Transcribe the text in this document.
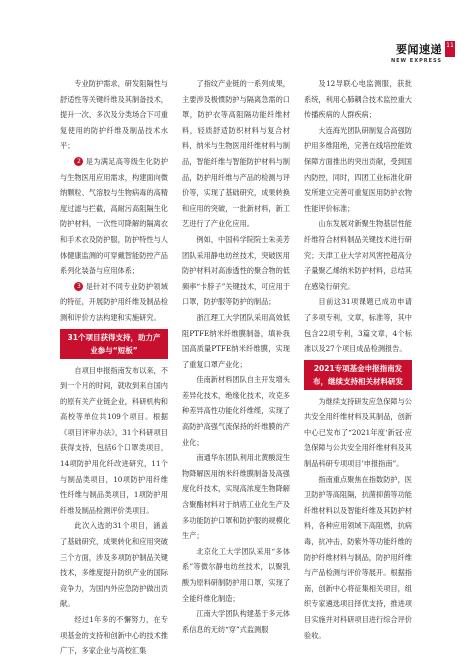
要闻速递 11
NEW EXPRESS

专业防护需求，研发阻隔性与舒适性等关键纤维及其制备技术，提升一次、多次及分类场合下可重复使用的防护纤维及制品技术水平；

2 是为满足高等级生化防护与生物医用应用需求，构建面向微纳颗粒、气溶胶与生物病毒的高精度过滤与拦截，高耐污高阻隔生化防护材料，一次性可降解的隔离衣和手术衣及防护服，防护特性与人体健康监测的可穿戴智能防控产品系列化装备与应用体系；

3 是针对不同专业防护领域的特征，开展防护用纤维及制品检测和评价方法构建和实施研究。

31个项目获得支持，助力产业参与“短板”

自项目申报指南发布以来，不到一个月的时间，就收到来自国内的原有关产业链企业，科研机构和高校等单位共109个项目。根据《项目评审办法》，31个科研项目获得支持，包括6个口罩类项目，14项防护用化纤改进研究，11个与制品类项目，10项防护用纤维性纤维与制品类项目，1项防护用纤维及制品检测评价类项目。

此次入选的31个项目，涵盖了基础研究，成果转化和应用突破三个方面，涉及多项防护制品关键技术，多维度提升防织产业的国际竞争力，为国内外应急防护做出贡献。

经过1年多的不懈努力，在专项基金的支持和创新中心的技术推广下，多家企业与高校汇集

了指纹产业链的一系列成果，主要涉及极惯防护与隔离急需的口罩，防护衣等高阻隔功能纤维材料，轻质舒适防织材料与复合材料，纳米与生物医用纤维材料与制品，智能纤维与智能防护材料与制品，防护用纤维与产品的检测与评价等，实现了基础研究，成果转换和应用的突破，一批新材料，新工艺进行了产业化应用。

例如，中国科学院院士朱美芳团队采用静电纺丝技术，突破医用防护材料对高渗透性的聚合物的低频率“卡脖子”关键技术，可应用于口罩，防护服等防护的制品；

浙江理工大学团队采用高效低阻PTFE纳米纤维膜制备，填补我国高质量PTFE纳米纤维膜，实现了重复口罩产业化；

佳南新材料团队自主开发增头差异化技术，绝缘化技术，攻克多种差异高性功能化纤维缆，实现了高防护高强气流保持的纤维膜的产业化；

南通华东团队利用北黄酸淀生物降解医用纳米纤维膜制备及高强度化纤技术，实现高浓度生物降解含聚酯材料对于纳塔工业化生产及多功能防护口罩和防护服的规模化生产；

北京化工大学团队采用“多体系”等微尔静电纺丝技术，以聚乳酸为原料研制防护用口罩，实现了全能纤维化制造；

江南大学团队构建基于多元体系信息的无纺“穿”式监测服

及12导联心电监测服，获批系统，利用心肺耦合技术监控重大传播疾病的人群疾病；

大连海光团队研制复合高强防护用多维阻绝，完善在线培控能效保障方面推出的突出贡献，受到国内防控，同时，四团工业标准化研发所建立完善可重复医用防护衣物性能评价标准；

山东发展对新聚生物基层性能纤维符合材料制品关键技术进行研究；天津工业大学对风害控超高分子量聚乙烯纳米防护材料，总结其在感染行研究。

目前这31项课题已成功申请了多项专利，文章，标准等，其中包含22项专利，3篇文章，4个标准以及27个项目成品检测报告。

2021专项基金申报指南发布，继续支持相关材料研发

为继续支持研发应急保障与公共安全用纤维材料及其制品，创新中心已发布了“2021年度‘新冠·应急保障与公共安全用纤维材料及其制品科研专项项目’申报指南”。

指南重点聚焦在指数防护，医卫防护等高阻隔，抗菌抑菌等功能纤维材料以及智能纤维及其防护材料，各种应用领域下高阻燃，抗病毒，抗冲击，防紫外等功能纤维的防护纤维材料与制品，防护用纤维与产品检测与评价等展开。根据指南，创新中心将征集相关项目，组织专家遴选项目择优支持，推进项目实施并对科研项目进行综合评价验收。
